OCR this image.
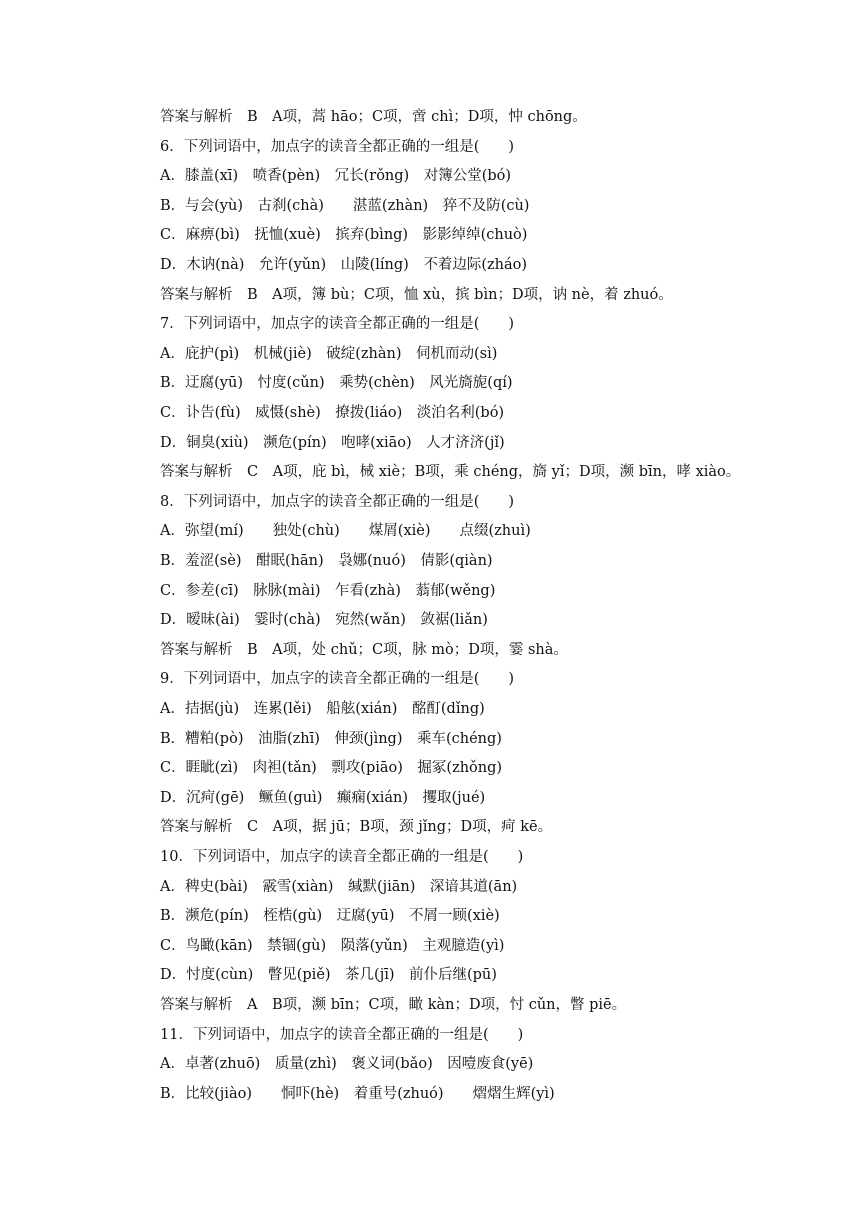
答案与解析　B　A项，蒿 hāo；C项，啻 chì；D项，忡 chōng。
6．下列词语中，加点字的读音全都正确的一组是(　　)
A．膝盖(xī)　喷香(pèn)　冗长(rǒng)　对簿公堂(bó)
B．与会(yù)　古刹(chà)　　湛蓝(zhàn)　猝不及防(cù)
C．麻痹(bì)　抚恤(xuè)　摈弃(bìng)　影影绰绰(chuò)
D．木讷(nà)　允许(yǔn)　山陵(líng)　不着边际(zháo)
答案与解析　B　A项，簿 bù；C项，恤 xù，摈 bìn；D项，讷 nè，着 zhuó。
7．下列词语中，加点字的读音全都正确的一组是(　　)
A．庇护(pì)　机械(jiè)　破绽(zhàn)　伺机而动(sì)
B．迂腐(yū)　忖度(cǔn)　乘势(chèn)　风光旖旎(qí)
C．讣告(fù)　威慑(shè)　撩拨(liáo)　淡泊名利(bó)
D．铜臭(xiù)　濒危(pín)　咆哮(xiāo)　人才济济(jǐ)
答案与解析　C　A项，庇 bì，械 xiè；B项，乘 chéng，旖 yǐ；D项，濒 bīn，哮 xiào。
8．下列词语中，加点字的读音全都正确的一组是(　　)
A．弥望(mí)　　独处(chù)　　煤屑(xiè)　　点缀(zhuì)
B．羞涩(sè)　酣眠(hān)　袅娜(nuó)　倩影(qiàn)
C．参差(cī)　脉脉(mài)　乍看(zhà)　蓊郁(wěng)
D．暧昧(ài)　霎时(chà)　宛然(wǎn)　敛裾(liǎn)
答案与解析　B　A项，处 chǔ；C项，脉 mò；D项，霎 shà。
9．下列词语中，加点字的读音全都正确的一组是(　　)
A．拮据(jù)　连累(lěi)　船舷(xián)　酩酊(dǐng)
B．糟粕(pò)　油脂(zhī)　伸颈(jìng)　乘车(chéng)
C．睚眦(zì)　肉袒(tǎn)　剽攻(piāo)　掘冢(zhǒng)
D．沉疴(gē)　鳜鱼(guì)　癫痫(xián)　攫取(jué)
答案与解析　C　A项，据 jū；B项，颈 jǐng；D项，疴 kē。
10．下列词语中，加点字的读音全都正确的一组是(　　)
A．稗史(bài)　霰雪(xiàn)　缄默(jiān)　深谙其道(ān)
B．濒危(pín)　桎梏(gù)　迂腐(yū)　不屑一顾(xiè)
C．鸟瞰(kān)　禁锢(gù)　陨落(yǔn)　主观臆造(yì)
D．忖度(cùn)　瞥见(piě)　茶几(jī)　前仆后继(pū)
答案与解析　A　B项，濒 bīn；C项，瞰 kàn；D项，忖 cǔn，瞥 piē。
11．下列词语中，加点字的读音全都正确的一组是(　　)
A．卓著(zhuō)　质量(zhì)　褒义词(bǎo)　因噎废食(yē)
B．比较(jiào)　　恫吓(hè)　着重号(zhuó)　　熠熠生辉(yì)
